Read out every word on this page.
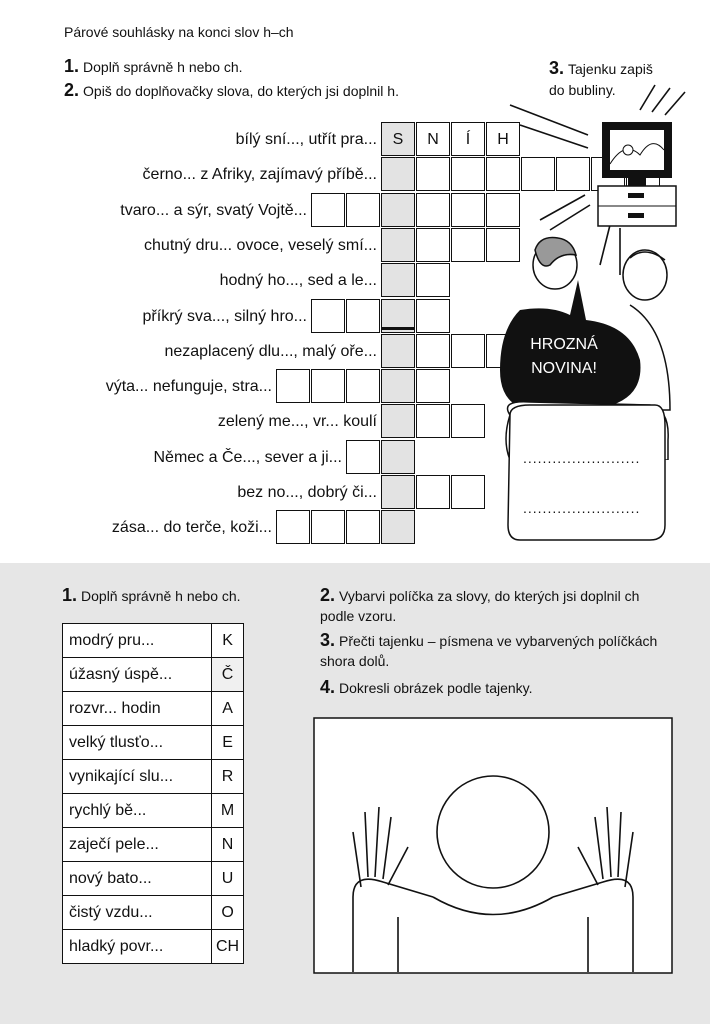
Párové souhlásky na konci slov h–ch
1. Doplň správně h nebo ch.
2. Opiš do doplňovačky slova, do kterých jsi doplnil h.
3. Tajenku zapiš
do bubliny.
bílý sní..., utřít pra... S	N	Í	H
černo... z Afriky, zajímavý příbě...
tvaro... a sýr, svatý Vojtě...
chutný dru... ovoce, veselý smí...
hodný ho..., sed a le...
příkrý sva..., silný hro...
nezaplacený dlu..., malý oře...
výta... nefunguje, stra...
zelený me..., vr... koulí
Němec a Če..., sever a ji...
bez no..., dobrý či...
zása... do terče, koži...
HROZNÁ
NOVINA!
........................
........................
1. Doplň správně h nebo ch.	2. Vybarvi políčka za slovy, do kterých jsi doplnil ch podle vzoru.
3. Přečti tajenku – písmena ve vybarvených políčkách shora dolů.
4. Dokresli obrázek podle tajenky.
modrý pru...	K
úžasný úspě...	Č
rozvr... hodin	A
velký tlusťo...	E
vynikající slu...	R
rychlý bě...	M
zaječí pele...	N
nový bato...	U
čistý vzdu...	O
hladký povr...	CH
